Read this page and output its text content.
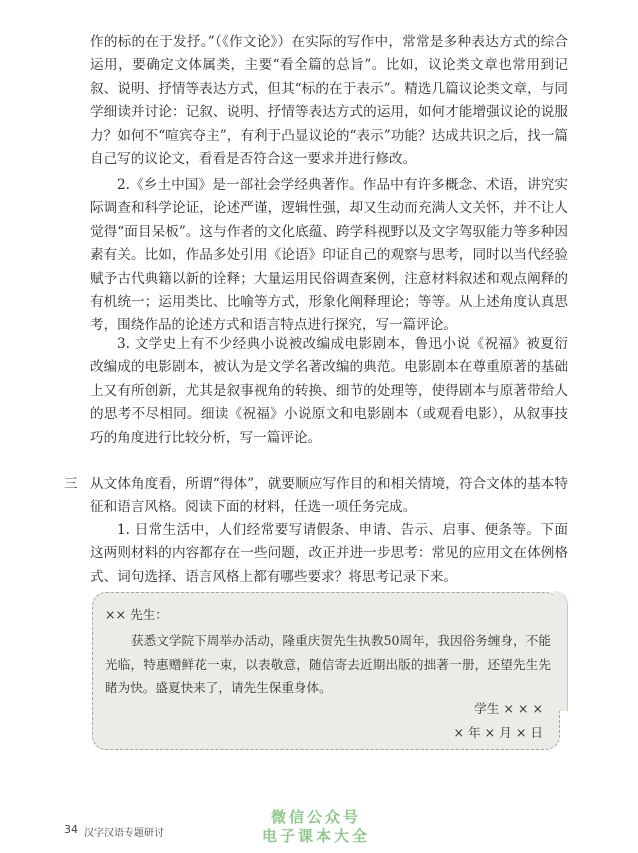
作的标的在于发抒。”（《作文论》）在实际的写作中，常常是多种表达方式的综合运用，要确定文体属类，主要“看全篇的总旨”。比如，议论类文章也常用到记叙、说明、抒情等表达方式，但其“标的在于表示”。精选几篇议论类文章，与同学细读并讨论：记叙、说明、抒情等表达方式的运用，如何才能增强议论的说服力？如何不“喧宾夺主”，有利于凸显议论的“表示”功能？达成共识之后，找一篇自己写的议论文，看看是否符合这一要求并进行修改。

2.《乡土中国》是一部社会学经典著作。作品中有许多概念、术语，讲究实际调查和科学论证，论述严谨，逻辑性强，却又生动而充满人文关怀，并不让人觉得“面目呆板”。这与作者的文化底蕴、跨学科视野以及文字驾驭能力等多种因素有关。比如，作品多处引用《论语》印证自己的观察与思考，同时以当代经验赋予古代典籍以新的诠释；大量运用民俗调查案例，注意材料叙述和观点阐释的有机统一；运用类比、比喻等方式，形象化阐释理论；等等。从上述角度认真思考，围绕作品的论述方式和语言特点进行探究，写一篇评论。

3. 文学史上有不少经典小说被改编成电影剧本，鲁迅小说《祝福》被夏衍改编成的电影剧本，被认为是文学名著改编的典范。电影剧本在尊重原著的基础上又有所创新，尤其是叙事视角的转换、细节的处理等，使得剧本与原著带给人的思考不尽相同。细读《祝福》小说原文和电影剧本（或观看电影），从叙事技巧的角度进行比较分析，写一篇评论。

三 从文体角度看，所谓“得体”，就要顺应写作目的和相关情境，符合文体的基本特征和语言风格。阅读下面的材料，任选一项任务完成。

1. 日常生活中，人们经常要写请假条、申请、告示、启事、便条等。下面这两则材料的内容都存在一些问题，改正并进一步思考：常见的应用文在体例格式、词句选择、语言风格上都有哪些要求？将思考记录下来。

×× 先生：

获悉文学院下周举办活动，隆重庆贺先生执教50周年，我因俗务缠身，不能光临，特惠赠鲜花一束，以表敬意，随信寄去近期出版的拙著一册，还望先生先睹为快。盛夏快来了，请先生保重身体。

学生 × × ×

× 年 × 月 × 日

34 汉字汉语专题研讨
微信公众号
电子课本大全
